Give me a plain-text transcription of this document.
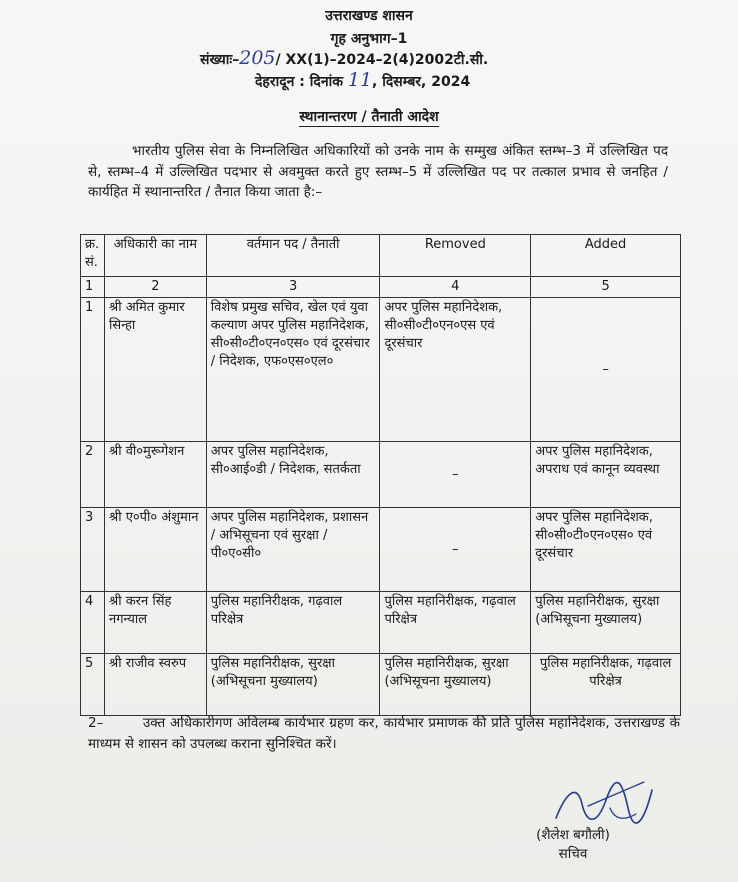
उत्तराखण्ड शासन
गृह अनुभाग–1
संख्याः–205/ XX(1)–2024–2(4)2002टी.सी.
देहरादून : दिनांक 11, दिसम्बर, 2024
स्थानान्तरण / तैनाती आदेश
भारतीय पुलिस सेवा के निम्नलिखित अधिकारियों को उनके नाम के सम्मुख अंकित स्तम्भ–3 में उल्लिखित पद से, स्तम्भ–4 में उल्लिखित पदभार से अवमुक्त करते हुए स्तम्भ–5 में उल्लिखित पद पर तत्काल प्रभाव से जनहित / कार्यहित में स्थानान्तरित / तैनात किया जाता है:–
क्र. सं.	अधिकारी का नाम	वर्तमान पद / तैनाती	Removed	Added
1	2	3	4	5
1	श्री अमित कुमार सिन्हा	विशेष प्रमुख सचिव, खेल एवं युवा कल्याण अपर पुलिस महानिदेशक, सी०सी०टी०एन०एस० एवं दूरसंचार / निदेशक, एफ०एस०एल०	अपर पुलिस महानिदेशक, सी०सी०टी०एन०एस एवं दूरसंचार	–
2	श्री वी०मुरूगेशन	अपर पुलिस महानिदेशक, सी०आई०डी / निदेशक, सतर्कता	–	अपर पुलिस महानिदेशक, अपराध एवं कानून व्यवस्था
3	श्री ए०पी० अंशुमान	अपर पुलिस महानिदेशक, प्रशासन / अभिसूचना एवं सुरक्षा / पी०ए०सी०	–	अपर पुलिस महानिदेशक, सी०सी०टी०एन०एस० एवं दूरसंचार
4	श्री करन सिंह नगन्याल	पुलिस महानिरीक्षक, गढ़वाल परिक्षेत्र	पुलिस महानिरीक्षक, गढ़वाल परिक्षेत्र	पुलिस महानिरीक्षक, सुरक्षा (अभिसूचना मुख्यालय)
5	श्री राजीव स्वरुप	पुलिस महानिरीक्षक, सुरक्षा (अभिसूचना मुख्यालय)	पुलिस महानिरीक्षक, सुरक्षा (अभिसूचना मुख्यालय)	पुलिस महानिरीक्षक, गढ़वाल परिक्षेत्र
2–	उक्त अधिकारीगण अविलम्ब कार्यभार ग्रहण कर, कार्यभार प्रमाणक की प्रति पुलिस महानिदेशक, उत्तराखण्ड के माध्यम से शासन को उपलब्ध कराना सुनिश्चित करें।
(शैलेश बगौली)
सचिव
